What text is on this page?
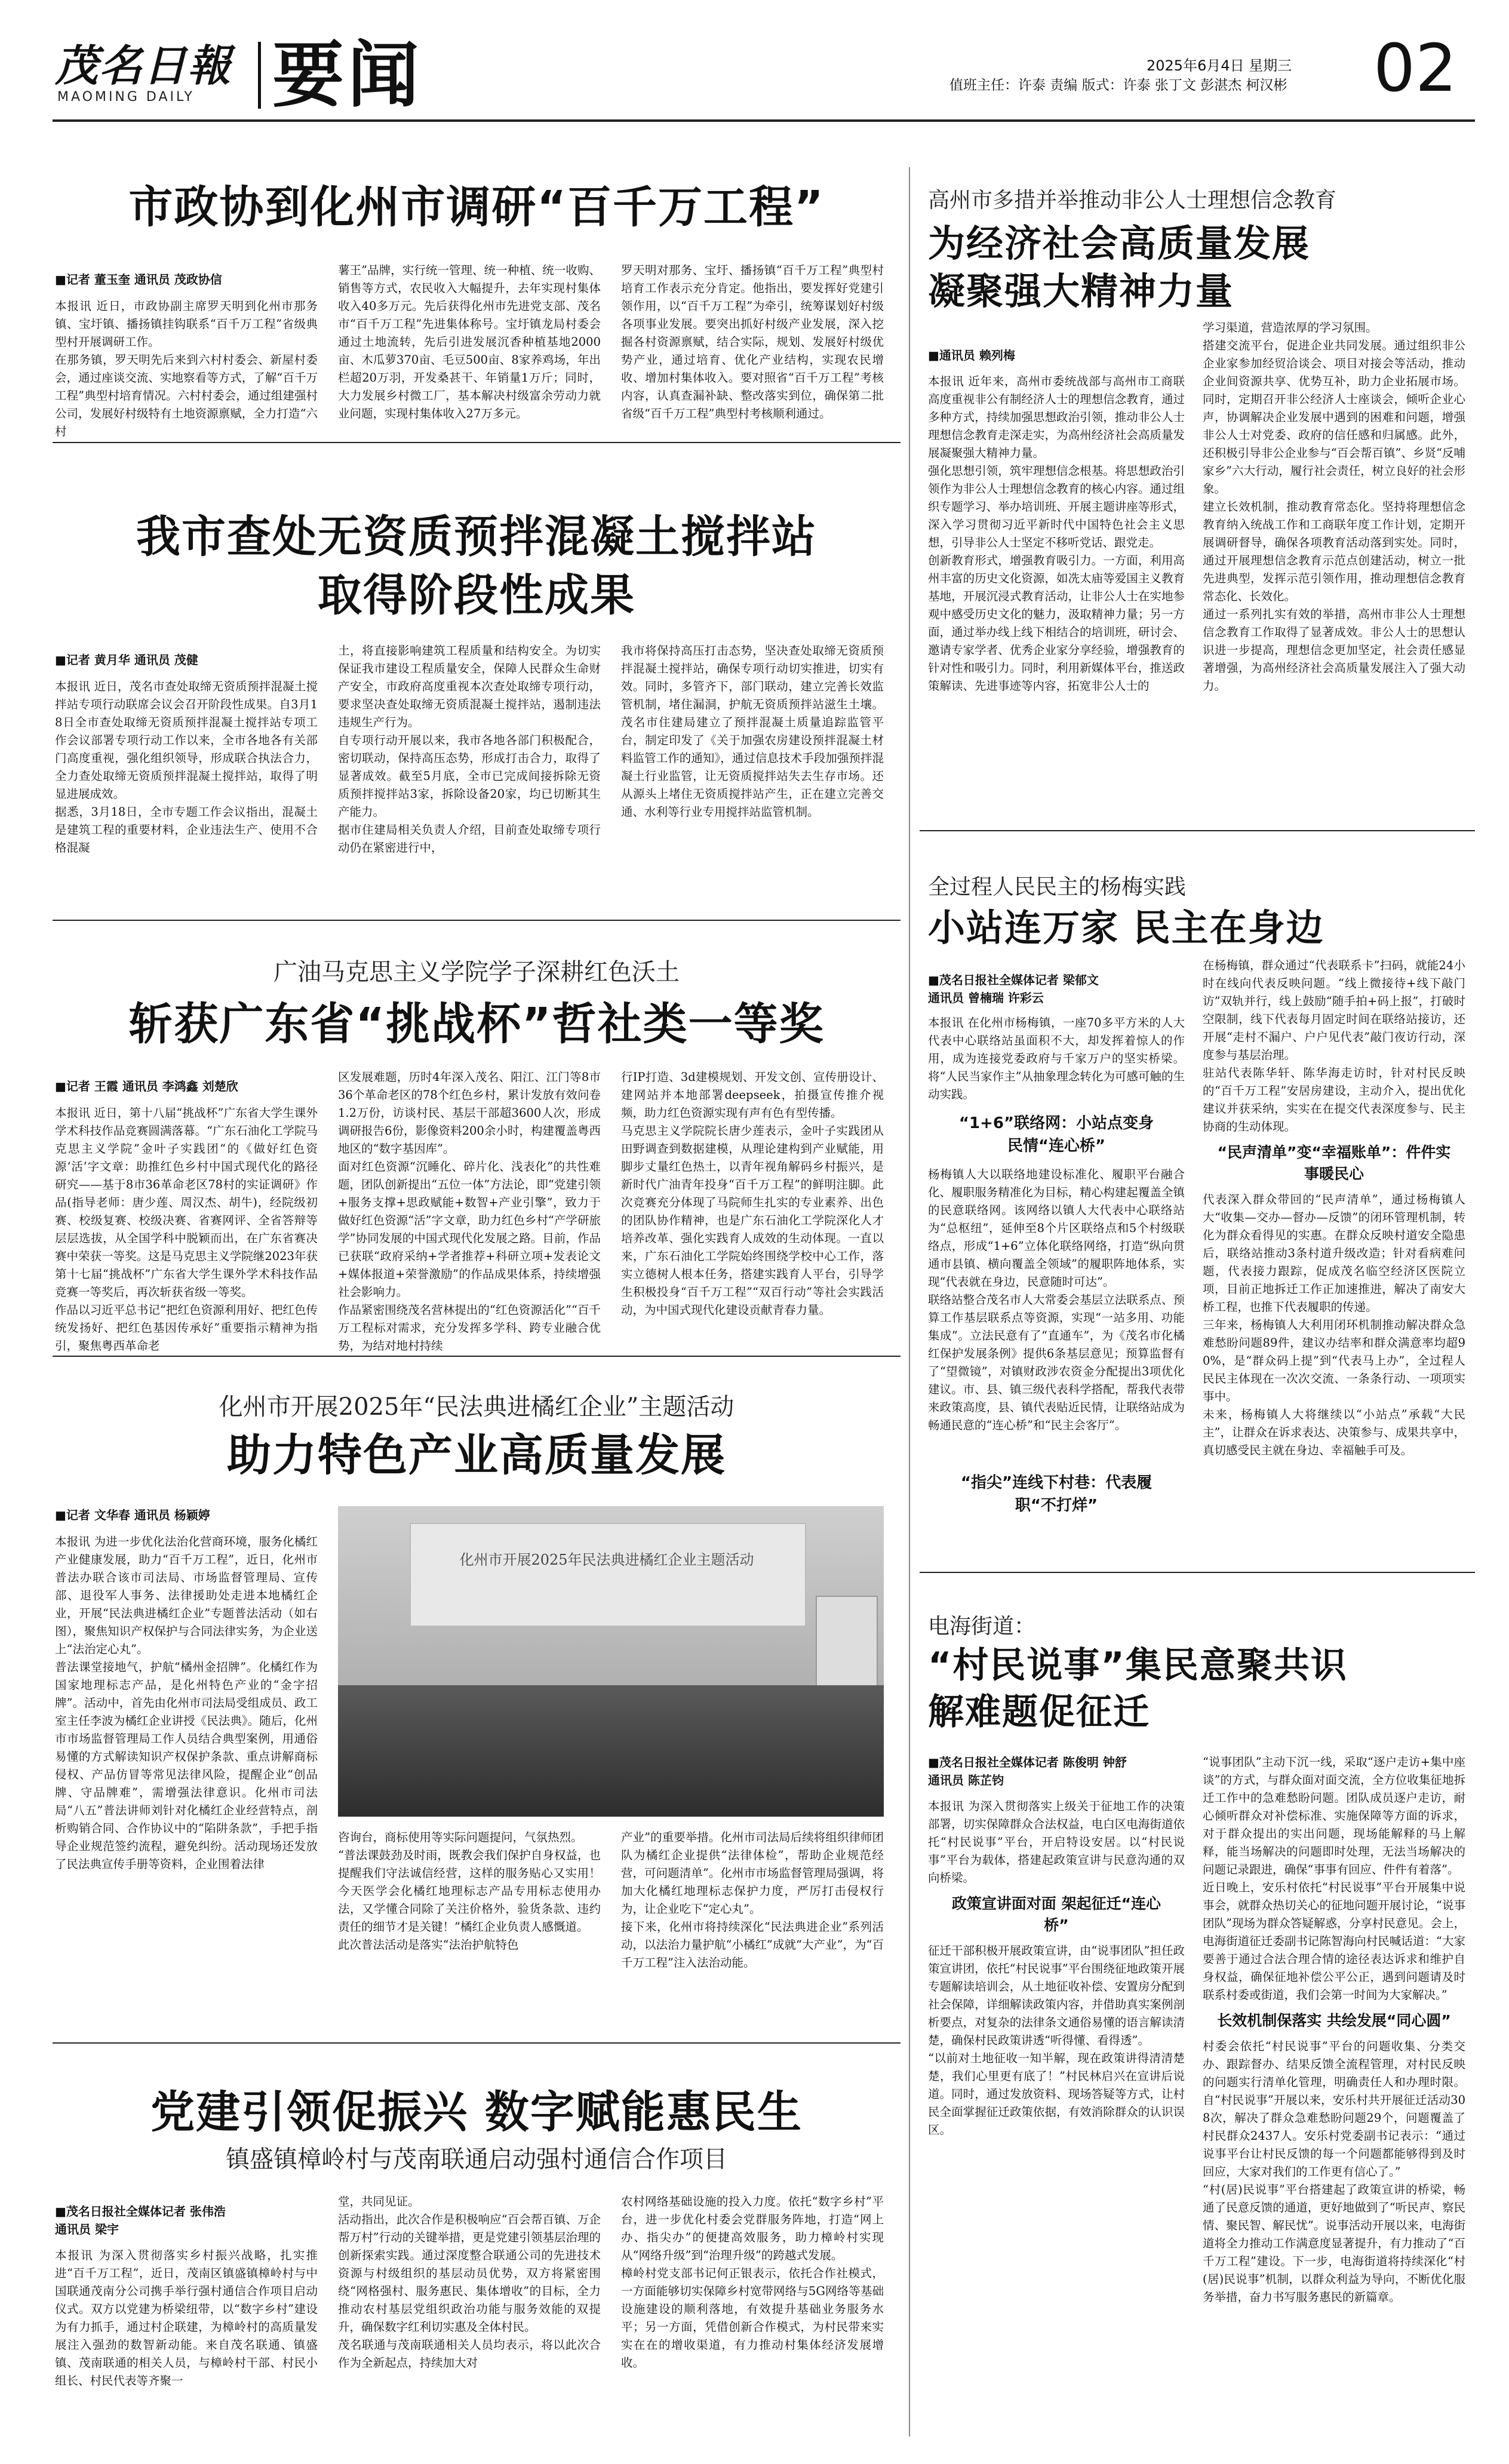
茂名日報
MAOMING DAILY 要闻	2025年6月4日 星期三
值班主任：许泰 责编 版式：许泰 张丁文 彭湛杰 柯汉彬 02
市政协到化州市调研“百千万工程”
■记者 董玉奎 通讯员 茂政协信
本报讯 近日，市政协副主席罗天明到化州市那务镇、宝圩镇、播扬镇挂钩联系“百千万工程”省级典型村开展调研工作。
在那务镇，罗天明先后来到六村村委会、新屋村委会，通过座谈交流、实地察看等方式，了解“百千万工程”典型村培育情况。六村村委会，通过组建强村公司，发展好村级特有土地资源禀赋，全力打造“六村
薯王”品牌，实行统一管理、统一种植、统一收购、销售等方式，农民收入大幅提升，去年实现村集体收入40多万元。先后获得化州市先进党支部、茂名市“百千万工程”先进集体称号。宝圩镇龙局村委会通过土地流转，先后引进发展沉香种植基地2000亩、木瓜萝370亩、毛豆500亩、8家养鸡场，年出栏超20万羽，开发桑甚干、年销量1万斤；同时，大力发展乡村微工厂，基本解决村级富余劳动力就业问题，实现村集体收入27万多元。
罗天明对那务、宝圩、播扬镇“百千万工程”典型村培育工作表示充分肯定。他指出，要发挥好党建引领作用，以“百千万工程”为牵引，统筹谋划好村级各项事业发展。要突出抓好村级产业发展，深入挖掘各村资源禀赋，结合实际，规划、发展好村级优势产业，通过培育、优化产业结构，实现农民增收、增加村集体收入。要对照省“百千万工程”考核内容，认真查漏补缺、整改落实到位，确保第二批省级“百千万工程”典型村考核顺利通过。
我市查处无资质预拌混凝土搅拌站
取得阶段性成果
■记者 黄月华 通讯员 茂健
本报讯 近日，茂名市查处取缔无资质预拌混凝土搅拌站专项行动联席会议会召开阶段性成果。自3月18日全市查处取缔无资质预拌混凝土搅拌站专项工作会议部署专项行动工作以来，全市各地各有关部门高度重视，强化组织领导，形成联合执法合力，全力查处取缔无资质预拌混凝土搅拌站，取得了明显进展成效。
据悉，3月18日，全市专题工作会议指出，混凝土是建筑工程的重要材料，企业违法生产、使用不合格混凝
土，将直接影响建筑工程质量和结构安全。为切实保证我市建设工程质量安全，保障人民群众生命财产安全，市政府高度重视本次查处取缔专项行动，要求坚决查处取缔无资质混凝土搅拌站，遏制违法违规生产行为。
自专项行动开展以来，我市各地各部门积极配合，密切联动，保持高压态势，形成打击合力，取得了显著成效。截至5月底，全市已完成间接拆除无资质预拌搅拌站3家，拆除设备20家，均已切断其生产能力。
据市住建局相关负责人介绍，目前查处取缔专项行动仍在紧密进行中，
我市将保持高压打击态势，坚决查处取缔无资质预拌混凝土搅拌站，确保专项行动切实推进，切实有效。同时，多管齐下，部门联动，建立完善长效监管机制，堵住漏洞，护航无资质预拌站滋生土壤。茂名市住建局建立了预拌混凝土质量追踪监管平台，制定印发了《关于加强农房建设预拌混凝土材料监管工作的通知》，通过信息技术手段加强预拌混凝土行业监管，让无资质搅拌站失去生存市场。还从源头上堵住无资质搅拌站产生，正在建立完善交通、水利等行业专用搅拌站监管机制。
广油马克思主义学院学子深耕红色沃土
斩获广东省“挑战杯”哲社类一等奖
■记者 王霞 通讯员 李鸿鑫 刘楚欣
本报讯 近日，第十八届“挑战杯”广东省大学生课外学术科技作品竞赛圆满落幕。“广东石油化工学院马克思主义学院”金叶子实践团“的《做好红色资源‘活’字文章：助推红色乡村中国式现代化的路径研究——基于8市36革命老区78村的实证调研》作品(指导老师：唐少莲、周汉杰、胡牛)，经院级初赛、校级复赛、校级决赛、省赛网评、全省答辩等层层选拔，从全国学科中脱颖而出，在广东省赛决赛中荣获一等奖。这是马克思主义学院继2023年获第十七届“挑战杯”广东省大学生课外学术科技作品竞赛一等奖后，再次斩获省级一等奖。
作品以习近平总书记“把红色资源利用好、把红色传统发扬好、把红色基因传承好”重要指示精神为指引，聚焦粤西革命老
区发展难题，历时4年深入茂名、阳江、江门等8市36个革命老区的78个红色乡村，累计发放有效问卷1.2万份，访谈村民、基层干部超3600人次，形成调研报告6份，影像资料200余小时，构建覆盖粤西地区的“数字基因库”。
面对红色资源“沉睡化、碎片化、浅表化”的共性难题，团队创新提出“五位一体”方法论，即“党建引领+服务支撑+思政赋能+数智+产业引擎”，致力于做好红色资源“活”字文章，助力红色乡村“产学研旅学”协同发展的中国式现代化发展之路。目前，作品已获联“政府采纳+学者推荐+科研立项+发表论文+媒体报道+荣誉激励”的作品成果体系，持续增强社会影响力。
作品紧密围绕茂名营林提出的“红色资源活化”“百千万工程标对需求，充分发挥多学科、跨专业融合优势，为结对地村持续
行IP打造、3d建模规划、开发文创、宣传册设计、建网站并本地部署deepseek，拍摄宣传推介视频，助力红色资源实现有声有色有型传播。
马克思主义学院院长唐少莲表示，金叶子实践团从田野调查到数据建模，从理论建构到产业赋能，用脚步丈量红色热土，以青年视角解码乡村振兴，是新时代广油青年投身“百千万工程”的鲜明注脚。此次竞赛充分体现了马院师生扎实的专业素养、出色的团队协作精神，也是广东石油化工学院深化人才培养改革、强化实践育人成效的生动体现。一直以来，广东石油化工学院始终围绕学校中心工作，落实立德树人根本任务，搭建实践育人平台，引导学生积极投身“百千万工程”“双百行动”等社会实践活动，为中国式现代化建设贡献青春力量。
化州市开展2025年“民法典进橘红企业”主题活动
助力特色产业高质量发展
■记者 文华春 通讯员 杨颖婷
本报讯 为进一步优化法治化营商环境，服务化橘红产业健康发展，助力“百千万工程”，近日，化州市普法办联合该市司法局、市场监督管理局、宣传部、退役军人事务、法律援助处走进本地橘红企业，开展“民法典进橘红企业”专题普法活动（如右图），聚焦知识产权保护与合同法律实务，为企业送上“法治定心丸”。
普法课堂接地气，护航“橘州金招牌”。化橘红作为国家地理标志产品，是化州特色产业的“金字招牌”。活动中，首先由化州市司法局受组成员、政工室主任李波为橘红企业讲授《民法典》。随后，化州市市场监督管理局工作人员结合典型案例，用通俗易懂的方式解读知识产权保护条款、重点讲解商标侵权、产品仿冒等常见法律风险，提醒企业“创品牌、守品牌难”，需增强法律意识。化州市司法局“八五”普法讲师刘针对化橘红企业经营特点，剖析购销合同、合作协议中的“陷阱条款”，手把手指导企业规范签约流程，避免纠纷。活动现场还发放了民法典宣传手册等资料，企业围着法律
化州市开展2025年民法典进橘红企业主题活动
咨询台，商标使用等实际问题提问，气氛热烈。
“普法课鼓劲及时雨，既教会我们保护自身权益，也提醒我们守法诚信经营，这样的服务贴心又实用！今天医学会化橘红地理标志产品专用标志使用办法，又学懂合同除了关注价格外，验货条款、违约责任的细节才是关键！”橘红企业负责人感慨道。
此次普法活动是落实“法治护航特色
产业”的重要举措。化州市司法局后续将组织律师团队为橘红企业提供“法律体检”，帮助企业规范经营，可问题清单”。化州市市场监督管理局强调，将加大化橘红地理标志保护力度，严厉打击侵权行为，让企业吃下“定心丸”。
接下来，化州市将持续深化“民法典进企业”系列活动，以法治力量护航“小橘红”成就“大产业”，为“百千万工程”注入法治动能。
党建引领促振兴 数字赋能惠民生
镇盛镇樟岭村与茂南联通启动强村通信合作项目
■茂名日报社全媒体记者 张伟浩
通讯员 梁宇
本报讯 为深入贯彻落实乡村振兴战略，扎实推进“百千万工程”，近日，茂南区镇盛镇樟岭村与中国联通茂南分公司携手举行强村通信合作项目启动仪式。双方以党建为桥梁纽带，以“数字乡村”建设为有力抓手，通过村企联建，为樟岭村的高质量发展注入强劲的数智新动能。来自茂名联通、镇盛镇、茂南联通的相关人员，与樟岭村干部、村民小组长、村民代表等齐聚一
堂，共同见证。
活动指出，此次合作是积极响应“百会帮百镇、万企帮万村”行动的关键举措，更是党建引领基层治理的创新探索实践。通过深度整合联通公司的先进技术资源与村级组织的基层动员优势，双方将紧密围绕“网格强村、服务惠民、集体增收”的目标，全力推动农村基层党组织政治功能与服务效能的双提升，确保数字红利切实惠及全体村民。
茂名联通与茂南联通相关人员均表示，将以此次合作为全新起点，持续加大对
农村网络基础设施的投入力度。依托“数字乡村”平台，进一步优化村委会党群服务阵地，打造“网上办、指尖办”的便捷高效服务，助力樟岭村实现从“网络升级”到“治理升级”的跨越式发展。
樟岭村党支部书记何正银表示，依托合作社模式，一方面能够切实保障乡村宽带网络与5G网络等基础设施建设的顺利落地，有效提升基础业务服务水平；另一方面，凭借创新合作模式，为村民带来实实在在的增收渠道，有力推动村集体经济发展增收。
高州市多措并举推动非公人士理想信念教育
为经济社会高质量发展
凝聚强大精神力量
■通讯员 赖列梅
本报讯 近年来，高州市委统战部与高州市工商联高度重视非公有制经济人士的理想信念教育，通过多种方式，持续加强思想政治引领，推动非公人士理想信念教育走深走实，为高州经济社会高质量发展凝聚强大精神力量。
强化思想引领，筑牢理想信念根基。将思想政治引领作为非公人士理想信念教育的核心内容。通过组织专题学习、举办培训班、开展主题讲座等形式，深入学习贯彻习近平新时代中国特色社会主义思想，引导非公人士坚定不移听党话、跟党走。
创新教育形式，增强教育吸引力。一方面，利用高州丰富的历史文化资源，如冼太庙等爱国主义教育基地，开展沉浸式教育活动，让非公人士在实地参观中感受历史文化的魅力，汲取精神力量；另一方面，通过举办线上线下相结合的培训班，研讨会、邀请专家学者、优秀企业家分享经验，增强教育的针对性和吸引力。同时，利用新媒体平台，推送政策解读、先进事迹等内容，拓宽非公人士的
学习渠道，营造浓厚的学习氛围。
搭建交流平台，促进企业共同发展。通过组织非公企业家参加经贸洽谈会、项目对接会等活动，推动企业间资源共享、优势互补，助力企业拓展市场。同时，定期召开非公经济人士座谈会，倾听企业心声，协调解决企业发展中遇到的困难和问题，增强非公人士对党委、政府的信任感和归属感。此外，还积极引导非公企业参与“百会帮百镇”、乡贤“反哺家乡”六大行动，履行社会责任，树立良好的社会形象。
建立长效机制，推动教育常态化。坚持将理想信念教育纳入统战工作和工商联年度工作计划，定期开展调研督导，确保各项教育活动落到实处。同时，通过开展理想信念教育示范点创建活动，树立一批先进典型，发挥示范引领作用，推动理想信念教育常态化、长效化。
通过一系列扎实有效的举措，高州市非公人士理想信念教育工作取得了显著成效。非公人士的思想认识进一步提高，理想信念更加坚定，社会责任感显著增强，为高州经济社会高质量发展注入了强大动力。
全过程人民民主的杨梅实践
小站连万家 民主在身边
■茂名日报社全媒体记者 梁郁文
通讯员 曾楠瑞 许彩云
本报讯 在化州市杨梅镇，一座70多平方米的人大代表中心联络站虽面积不大，却发挥着惊人的作用，成为连接党委政府与千家万户的坚实桥梁。将“人民当家作主”从抽象理念转化为可感可触的生动实践。
“1+6”联络网：小站点变身民情“连心桥”
杨梅镇人大以联络地建设标准化、履职平台融合化、履职服务精准化为目标，精心构建起覆盖全镇的民意联络网。该网络以镇人大代表中心联络站为“总枢纽”，延伸至8个片区联络点和5个村级联络点，形成“1+6”立体化联络网络，打造“纵向贯通市县镇、横向覆盖全领域”的履职阵地体系，实现“代表就在身边，民意随时可达”。
联络站整合茂名市人大常委会基层立法联系点、预算工作基层联系点等资源，实现“一站多用、功能集成”。立法民意有了“直通车”，为《茂名市化橘红保护发展条例》提供6条基层意见；预算监督有了“望微镜”，对镇财政涉农资金分配提出3项优化建议。市、县、镇三级代表科学搭配，帮我代表带来政策高度，县、镇代表贴近民情，让联络站成为畅通民意的“连心桥”和“民主会客厅”。
“指尖”连线下村巷：代表履职“不打烊”
在杨梅镇，群众通过“代表联系卡”扫码，就能24小时在线向代表反映问题。“线上微接待+线下敲门访”双轨并行，线上鼓励“随手拍+码上报”，打破时空限制，线下代表每月固定时间在联络站接访，还开展“走村不漏户、户户见代表”敲门夜访行动，深度参与基层治理。
驻站代表陈华轩、陈华海走访时，针对村民反映的“百千万工程”安居房建设，主动介入，提出优化建议并获采纳，实实在在提交代表深度参与、民主协商的生动体现。

“民声清单”变“幸福账单”：件件实事暖民心
代表深入群众带回的“民声清单”，通过杨梅镇人大“收集—交办—督办—反馈”的闭环管理机制，转化为群众看得见的实惠。在群众反映村道安全隐患后，联络站推动3条村道升级改造；针对看病难问题，代表接力跟踪，促成茂名临空经济区医院立项，目前正地拆迁工作正加速推进，解决了南安大桥工程，也推下代表履职的传递。
三年来，杨梅镇人大利用闭环机制推动解决群众急难愁盼问题89件，建议办结率和群众满意率均超90%，是“群众码上提”到“代表马上办”，全过程人民民主体现在一次次交流、一条条行动、一项项实事中。
未来，杨梅镇人大将继续以“小站点”承载“大民主”，让群众在诉求表达、决策参与、成果共享中，真切感受民主就在身边、幸福触手可及。
电海街道：
“村民说事”集民意聚共识
解难题促征迁
■茂名日报社全媒体记者 陈俊明 钟舒
通讯员 陈芷钧
本报讯 为深入贯彻落实上级关于征地工作的决策部署，切实保障群众合法权益，电白区电海街道依托“村民说事”平台，开启特设安居。以“村民说事”平台为载体，搭建起政策宣讲与民意沟通的双向桥梁。

政策宣讲面对面 架起征迁“连心桥”
征迁干部积极开展政策宣讲，由“说事团队”担任政策宣讲团，依托“村民说事”平台围绕征地政策开展专题解读培训会，从土地征收补偿、安置房分配到社会保障，详细解读政策内容，并借助真实案例剖析要点，对复杂的法律条文通俗易懂的语言解读清楚，确保村民政策讲透“听得懂、看得透”。
“以前对土地征收一知半解，现在政策讲得清清楚楚，我们心里更有底了！”村民林启兴在宣讲后说道。同时，通过发放资料、现场答疑等方式，让村民全面掌握征迁政策依据，有效消除群众的认识误区。
“说事团队”主动下沉一线，采取“逐户走访+集中座谈”的方式，与群众面对面交流，全方位收集征地拆迁工作中的急难愁盼问题。团队成员逐户走访，耐心倾听群众对补偿标准、实施保障等方面的诉求，对于群众提出的实出问题，现场能解释的马上解释，能当场解决的问题即时处理，无法当场解决的问题记录跟进，确保“事事有回应、件件有着落”。
近日晚上，安乐村依托“村民说事”平台开展集中说事会，就群众热切关心的征地问题开展讨论，“说事团队”现场为群众答疑解惑，分享村民意见。会上，电海街道征迁委副书记陈智海向村民喊话道：“大家要善于通过合法合理合情的途径表达诉求和维护自身权益，确保征地补偿公平公正，遇到问题请及时联系村委或街道，我们会第一时间为大家解决。”

长效机制保落实 共绘发展“同心圆”
村委会依托“村民说事”平台的问题收集、分类交办、跟踪督办、结果反馈全流程管理，对村民反映的问题实行清单化管理，明确责任人和办理时限。自“村民说事”开展以来，安乐村共开展征迁活动308次，解决了群众急难愁盼问题29个，问题覆盖了村民群众2437人。安乐村党委副书记表示：“通过说事平台让村民反馈的每一个问题都能够得到及时回应，大家对我们的工作更有信心了。”
“村(居)民说事”平台搭建起了政策宣讲的桥梁，畅通了民意反馈的通道，更好地做到了“听民声、察民情、聚民智、解民忧”。说事活动开展以来，电海街道将全力推动工作满意度显著提升，有力推动了“百千万工程”建设。下一步，电海街道将持续深化“村(居)民说事”机制，以群众利益为导向，不断优化服务举措，奋力书写服务惠民的新篇章。
